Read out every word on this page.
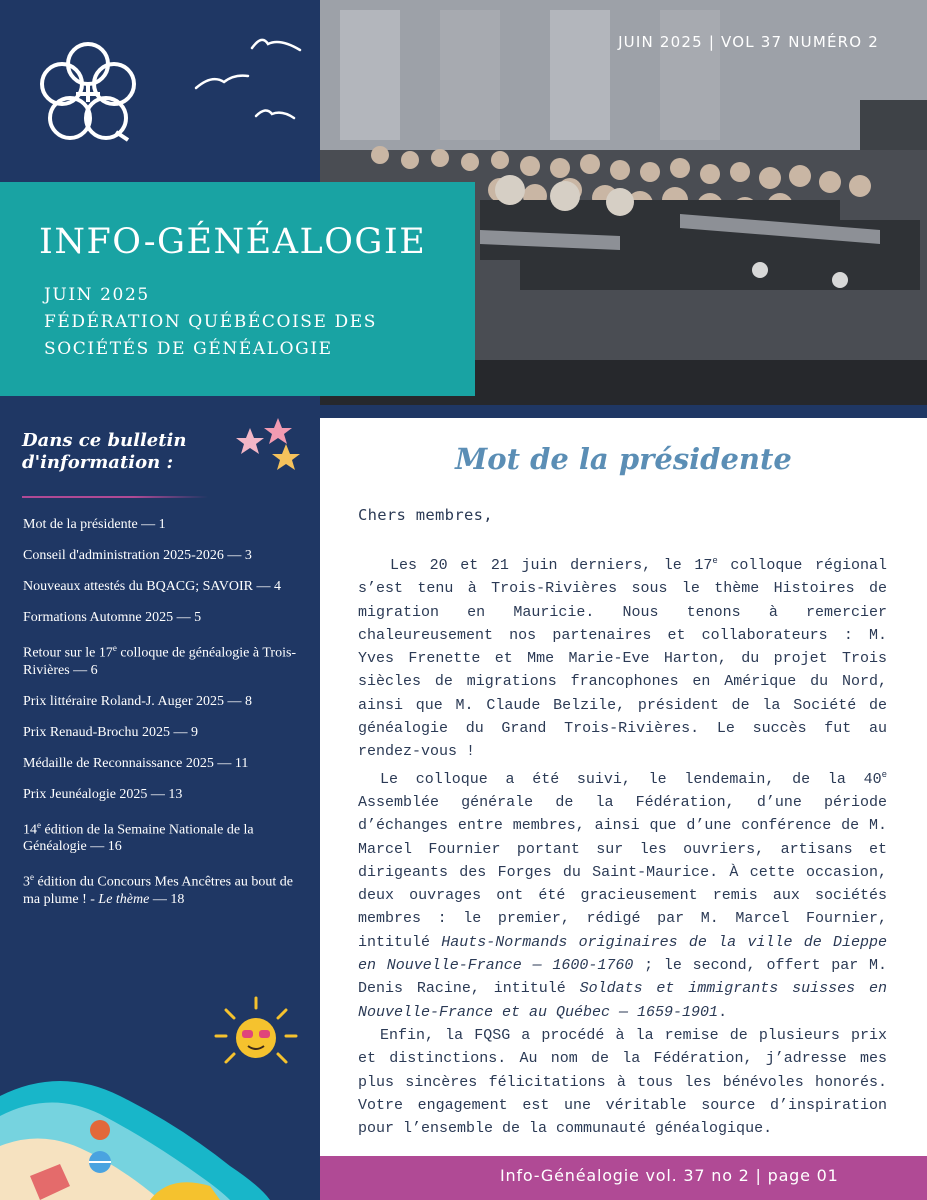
JUIN 2025 | VOL 37 NUMÉRO 2
INFO-GÉNÉALOGIE
JUIN 2025
FÉDÉRATION QUÉBÉCOISE DES
SOCIÉTÉS DE GÉNÉALOGIE
Dans ce bulletin
d'information :
Mot de la présidente — 1
Conseil d'administration 2025-2026 — 3
Nouveaux attestés du BQACG; SAVOIR — 4
Formations Automne 2025 — 5
Retour sur le 17e colloque de généalogie à Trois-Rivières — 6
Prix littéraire Roland-J. Auger 2025 — 8
Prix Renaud-Brochu 2025 — 9
Médaille de Reconnaissance 2025 — 11
Prix Jeunéalogie 2025 — 13
14e édition de la Semaine Nationale de la Généalogie — 16
3e édition du Concours Mes Ancêtres au bout de ma plume ! - Le thème — 18
Mot de la présidente
Chers membres,

Les 20 et 21 juin derniers, le 17e colloque régional s’est tenu à Trois-Rivières sous le thème Histoires de migration en Mauricie. Nous tenons à remercier chaleureusement nos partenaires et collaborateurs : M. Yves Frenette et Mme Marie-Eve Harton, du projet Trois siècles de migrations francophones en Amérique du Nord, ainsi que M. Claude Belzile, président de la Société de généalogie du Grand Trois-Rivières. Le succès fut au rendez-vous !

Le colloque a été suivi, le lendemain, de la 40e Assemblée générale de la Fédération, d’une période d’échanges entre membres, ainsi que d’une conférence de M. Marcel Fournier portant sur les ouvriers, artisans et dirigeants des Forges du Saint-Maurice. À cette occasion, deux ouvrages ont été gracieusement remis aux sociétés membres : le premier, rédigé par M. Marcel Fournier, intitulé Hauts-Normands originaires de la ville de Dieppe en Nouvelle-France — 1600-1760 ; le second, offert par M. Denis Racine, intitulé Soldats et immigrants suisses en Nouvelle-France et au Québec — 1659-1901.

Enfin, la FQSG a procédé à la remise de plusieurs prix et distinctions. Au nom de la Fédération, j’adresse mes plus sincères félicitations à tous les bénévoles honorés. Votre engagement est une véritable source d’inspiration pour l’ensemble de la communauté généalogique.

Info-Généalogie vol. 37 no 2 | page 01
